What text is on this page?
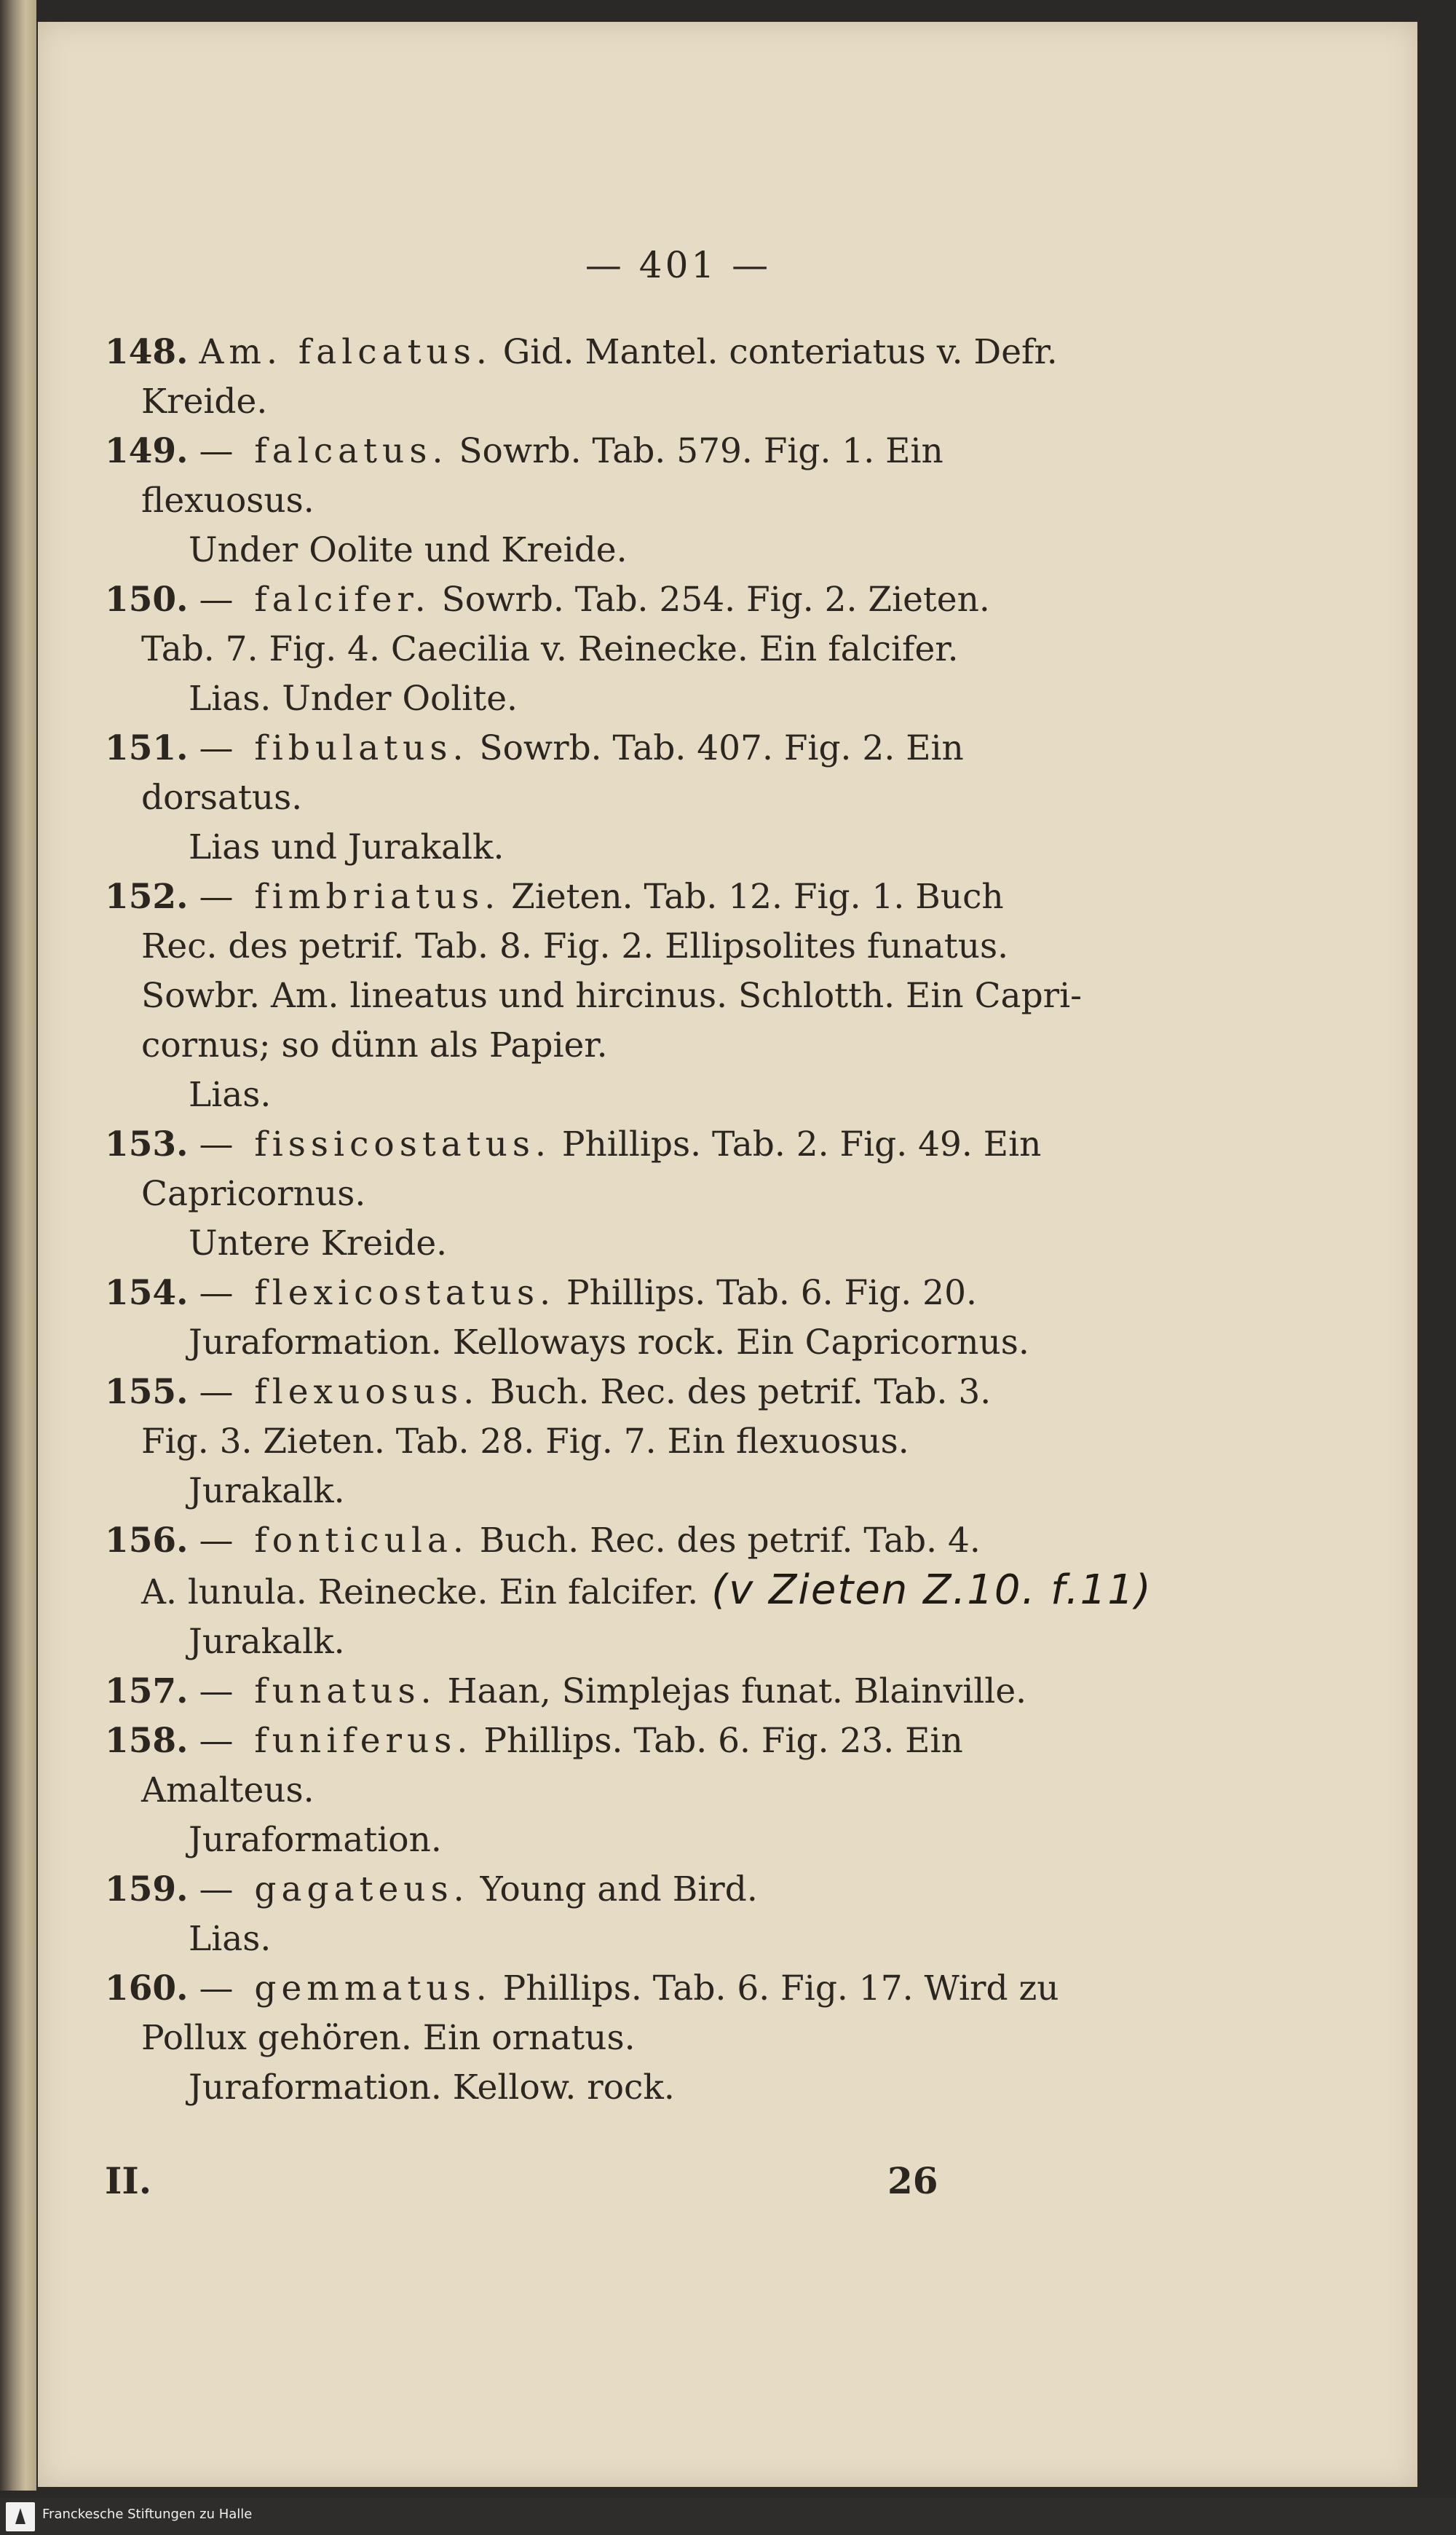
— 401 —
148. Am. falcatus. Gid. Mantel. conteriatus v. Defr.
Kreide.
149. — falcatus. Sowrb. Tab. 579. Fig. 1. Ein
flexuosus.
Under Oolite und Kreide.
150. — falcifer. Sowrb. Tab. 254. Fig. 2. Zieten.
Tab. 7. Fig. 4. Caecilia v. Reinecke. Ein falcifer.
Lias. Under Oolite.
151. — fibulatus. Sowrb. Tab. 407. Fig. 2. Ein
dorsatus.
Lias und Jurakalk.
152. — fimbriatus. Zieten. Tab. 12. Fig. 1. Buch
Rec. des petrif. Tab. 8. Fig. 2. Ellipsolites funatus.
Sowbr. Am. lineatus und hircinus. Schlotth. Ein Capri-
cornus; so dünn als Papier.
Lias.
153. — fissicostatus. Phillips. Tab. 2. Fig. 49. Ein
Capricornus.
Untere Kreide.
154. — flexicostatus. Phillips. Tab. 6. Fig. 20.
Juraformation. Kelloways rock. Ein Capricornus.
155. — flexuosus. Buch. Rec. des petrif. Tab. 3.
Fig. 3. Zieten. Tab. 28. Fig. 7. Ein flexuosus.
Jurakalk.
156. — fonticula. Buch. Rec. des petrif. Tab. 4.
A. lunula. Reinecke. Ein falcifer. (v Zieten Z.10. f.11)
Jurakalk.
157. — funatus. Haan, Simplejas funat. Blainville.
158. — funiferus. Phillips. Tab. 6. Fig. 23. Ein
Amalteus.
Juraformation.
159. — gagateus. Young and Bird.
Lias.
160. — gemmatus. Phillips. Tab. 6. Fig. 17. Wird zu
Pollux gehören. Ein ornatus.
Juraformation. Kellow. rock.
II.	26
Franckesche Stiftungen zu Halle
